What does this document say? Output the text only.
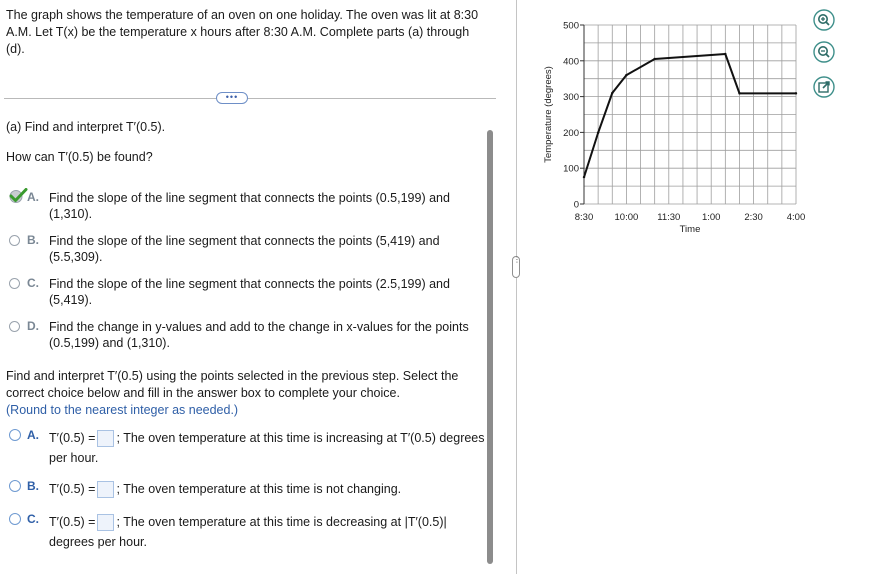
The graph shows the temperature of an oven on one holiday. The oven was lit at 8:30 A.M. Let T(x) be the temperature x hours after 8:30 A.M. Complete parts (a) through (d).
•••
(a) Find and interpret T′(0.5).
How can T′(0.5) be found?
A. Find the slope of the line segment that connects the points (0.5,199) and (1,310).
B. Find the slope of the line segment that connects the points (5,419) and (5.5,309).
C. Find the slope of the line segment that connects the points (2.5,199) and (5,419).
D. Find the change in y-values and add to the change in x-values for the points (0.5,199) and (1,310).
Find and interpret T′(0.5) using the points selected in the previous step. Select the correct choice below and fill in the answer box to complete your choice.
(Round to the nearest integer as needed.)
A. T′(0.5) = ; The oven temperature at this time is increasing at T′(0.5) degrees per hour.
B. T′(0.5) = ; The oven temperature at this time is not changing.
C. T′(0.5) = ; The oven temperature at this time is decreasing at |T′(0.5)| degrees per hour.
⋮
0
100
200
300
400
500
8:30 10:00 11:30 1:00	2:30	4:00
Time
Temperature (degrees)
